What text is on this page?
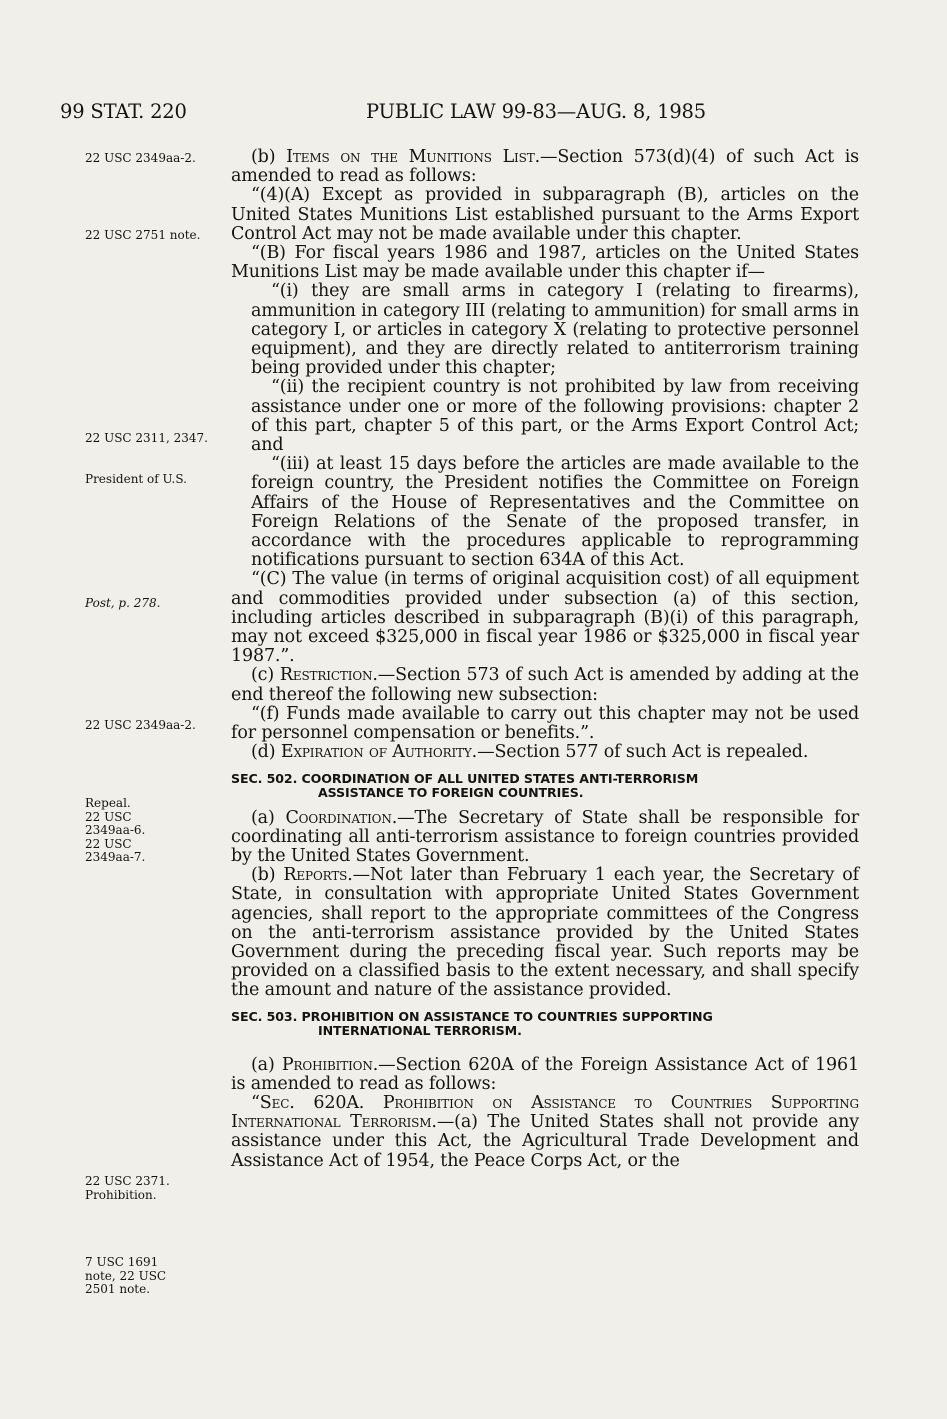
99 STAT. 220	PUBLIC LAW 99-83—AUG. 8, 1985
22 USC 2349aa-2.
22 USC 2751 note.
22 USC 2311, 2347.
President of U.S.
Post, p. 278.
22 USC 2349aa-2.
Repeal. 22 USC 2349aa-6. 22 USC 2349aa-7.
22 USC 2371. Prohibition.
7 USC 1691 note, 22 USC 2501 note.

(b) Items on the Munitions List.—Section 573(d)(4) of such Act is amended to read as follows:

“(4)(A) Except as provided in subparagraph (B), articles on the United States Munitions List established pursuant to the Arms Export Control Act may not be made available under this chapter.

“(B) For fiscal years 1986 and 1987, articles on the United States Munitions List may be made available under this chapter if—

“(i) they are small arms in category I (relating to firearms), ammunition in category III (relating to ammunition) for small arms in category I, or articles in category X (relating to protective personnel equipment), and they are directly related to antiterrorism training being provided under this chapter;

“(ii) the recipient country is not prohibited by law from receiving assistance under one or more of the following provisions: chapter 2 of this part, chapter 5 of this part, or the Arms Export Control Act; and

“(iii) at least 15 days before the articles are made available to the foreign country, the President notifies the Committee on Foreign Affairs of the House of Representatives and the Committee on Foreign Relations of the Senate of the proposed transfer, in accordance with the procedures applicable to reprogramming notifications pursuant to section 634A of this Act.

“(C) The value (in terms of original acquisition cost) of all equipment and commodities provided under subsection (a) of this section, including articles described in subparagraph (B)(i) of this paragraph, may not exceed $325,000 in fiscal year 1986 or $325,000 in fiscal year 1987.”.

(c) Restriction.—Section 573 of such Act is amended by adding at the end thereof the following new subsection:

“(f) Funds made available to carry out this chapter may not be used for personnel compensation or benefits.”.

(d) Expiration of Authority.—Section 577 of such Act is repealed.

SEC. 502. COORDINATION OF ALL UNITED STATES ANTI-TERRORISM
ASSISTANCE TO FOREIGN COUNTRIES.

(a) Coordination.—The Secretary of State shall be responsible for coordinating all anti-terrorism assistance to foreign countries provided by the United States Government.

(b) Reports.—Not later than February 1 each year, the Secretary of State, in consultation with appropriate United States Government agencies, shall report to the appropriate committees of the Congress on the anti-terrorism assistance provided by the United States Government during the preceding fiscal year. Such reports may be provided on a classified basis to the extent necessary, and shall specify the amount and nature of the assistance provided.

SEC. 503. PROHIBITION ON ASSISTANCE TO COUNTRIES SUPPORTING
INTERNATIONAL TERRORISM.

(a) Prohibition.—Section 620A of the Foreign Assistance Act of 1961 is amended to read as follows:

“Sec. 620A. Prohibition on Assistance to Countries Supporting International Terrorism.—(a) The United States shall not provide any assistance under this Act, the Agricultural Trade Development and Assistance Act of 1954, the Peace Corps Act, or the
